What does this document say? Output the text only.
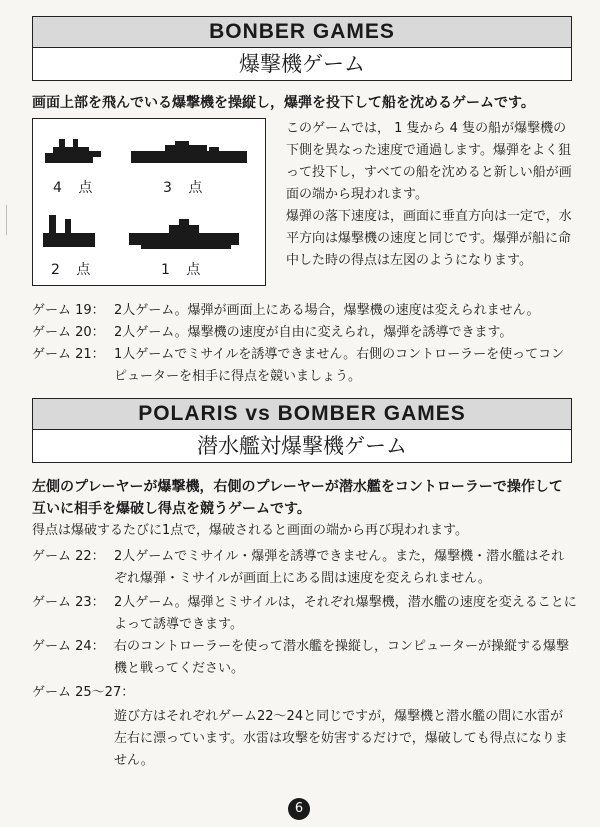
BONBER GAMES
爆撃機ゲーム
画面上部を飛んでいる爆撃機を操縦し，爆弾を投下して船を沈めるゲームです。
4 点	3 点
2 点	1 点
このゲームでは， 1 隻から 4 隻の船が爆撃機の下側を異なった速度で通過します。爆弾をよく狙って投下し，すべての船を沈めると新しい船が画面の端から現われます。
爆弾の落下速度は，画面に垂直方向は一定で，水平方向は爆撃機の速度と同じです。爆弾が船に命中した時の得点は左図のようになります。
ゲーム 19： 2人ゲーム。爆弾が画面上にある場合，爆撃機の速度は変えられません。
ゲーム 20： 2人ゲーム。爆撃機の速度が自由に変えられ，爆弾を誘導できます。
ゲーム 21： 1人ゲームでミサイルを誘導できません。右側のコントローラーを使ってコンピューターを相手に得点を競いましょう。
POLARIS vs BOMBER GAMES
潜水艦対爆撃機ゲーム
左側のプレーヤーが爆撃機，右側のプレーヤーが潜水艦をコントローラーで操作して互いに相手を爆破し得点を競うゲームです。
得点は爆破するたびに1点で，爆破されると画面の端から再び現われます。
ゲーム 22： 2人ゲームでミサイル・爆弾を誘導できません。また，爆撃機・潜水艦はそれぞれ爆弾・ミサイルが画面上にある間は速度を変えられません。
ゲーム 23： 2人ゲーム。爆弾とミサイルは，それぞれ爆撃機，潜水艦の速度を変えることによって誘導できます。
ゲーム 24： 右のコントローラーを使って潜水艦を操縦し，コンピューターが操縦する爆撃機と戦ってください。
ゲーム 25～27：
遊び方はそれぞれゲーム22～24と同じですが，爆撃機と潜水艦の間に水雷が左右に漂っています。水雷は攻撃を妨害するだけで，爆破しても得点になりません。
6
